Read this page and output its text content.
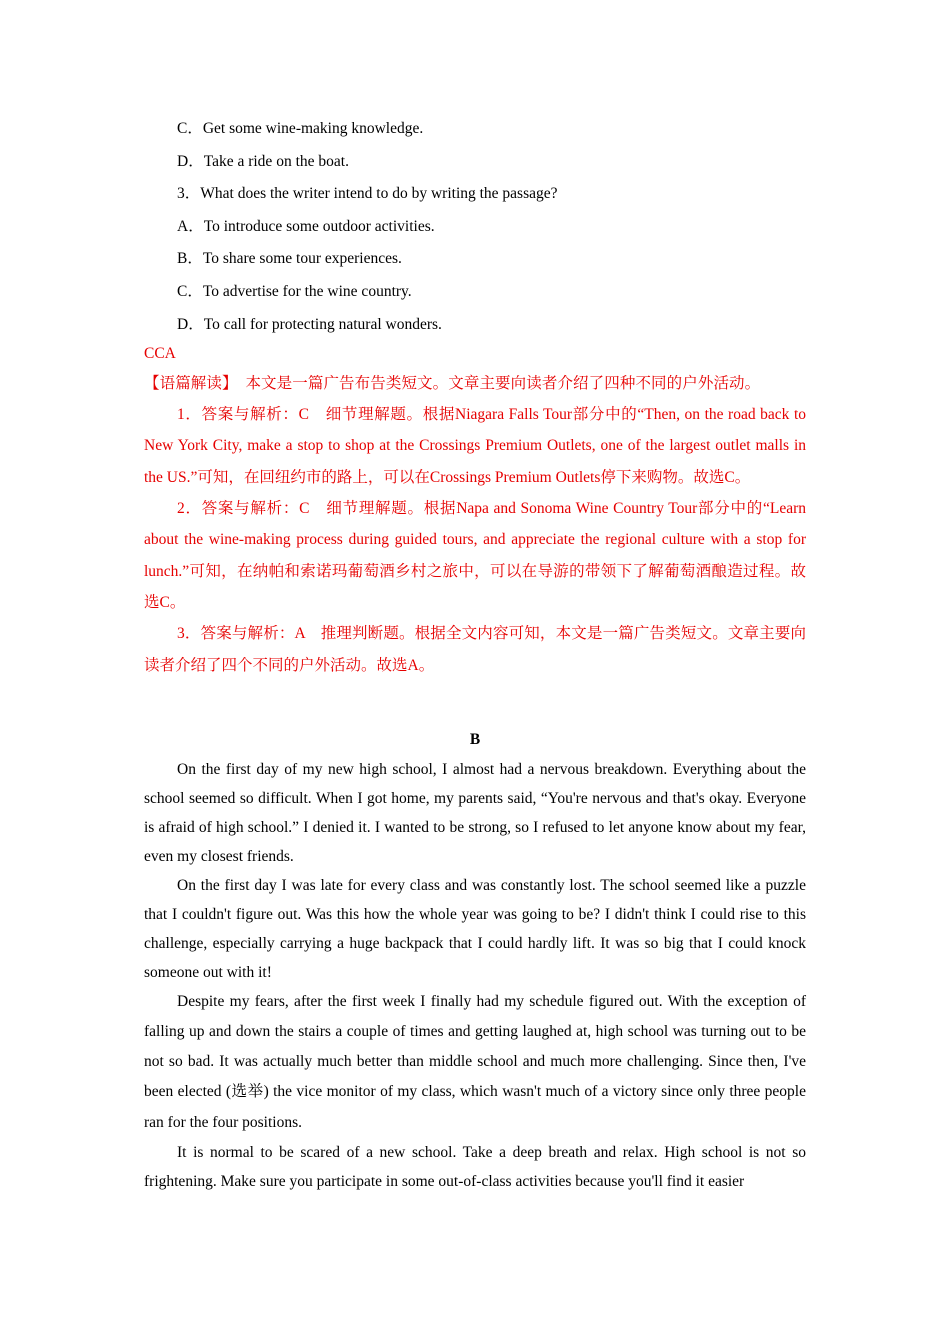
C．Get some wine-making knowledge.
D．Take a ride on the boat.
3．What does the writer intend to do by writing the passage?
A．To introduce some outdoor activities.
B．To share some tour experiences.
C．To advertise for the wine country.
D．To call for protecting natural wonders.
CCA
【语篇解读】　本文是一篇广告布告类短文。文章主要向读者介绍了四种不同的户外活动。

1．答案与解析：C　细节理解题。根据Niagara Falls Tour部分中的“Then, on the road back to New York City, make a stop to shop at the Crossings Premium Outlets, one of the largest outlet malls in the US.”可知，在回纽约市的路上，可以在Crossings Premium Outlets停下来购物。故选C。

2．答案与解析：C　细节理解题。根据Napa and Sonoma Wine Country Tour部分中的“Learn about the wine-making process during guided tours, and appreciate the regional culture with a stop for lunch.”可知，在纳帕和索诺玛葡萄酒乡村之旅中，可以在导游的带领下了解葡萄酒酿造过程。故选C。

3．答案与解析：A　推理判断题。根据全文内容可知，本文是一篇广告类短文。文章主要向读者介绍了四个不同的户外活动。故选A。

B

On the first day of my new high school, I almost had a nervous breakdown. Everything about the school seemed so difficult. When I got home, my parents said, “You're nervous and that's okay. Everyone is afraid of high school.” I denied it. I wanted to be strong, so I refused to let anyone know about my fear, even my closest friends.

On the first day I was late for every class and was constantly lost. The school seemed like a puzzle that I couldn't figure out. Was this how the whole year was going to be? I didn't think I could rise to this challenge, especially carrying a huge backpack that I could hardly lift. It was so big that I could knock someone out with it!

Despite my fears, after the first week I finally had my schedule figured out. With the exception of falling up and down the stairs a couple of times and getting laughed at, high school was turning out to be not so bad. It was actually much better than middle school and much more challenging. Since then, I've been elected (选举) the vice monitor of my class, which wasn't much of a victory since only three people ran for the four positions.

It is normal to be scared of a new school. Take a deep breath and relax. High school is not so frightening. Make sure you participate in some out-of-class activities because you'll find it easier
